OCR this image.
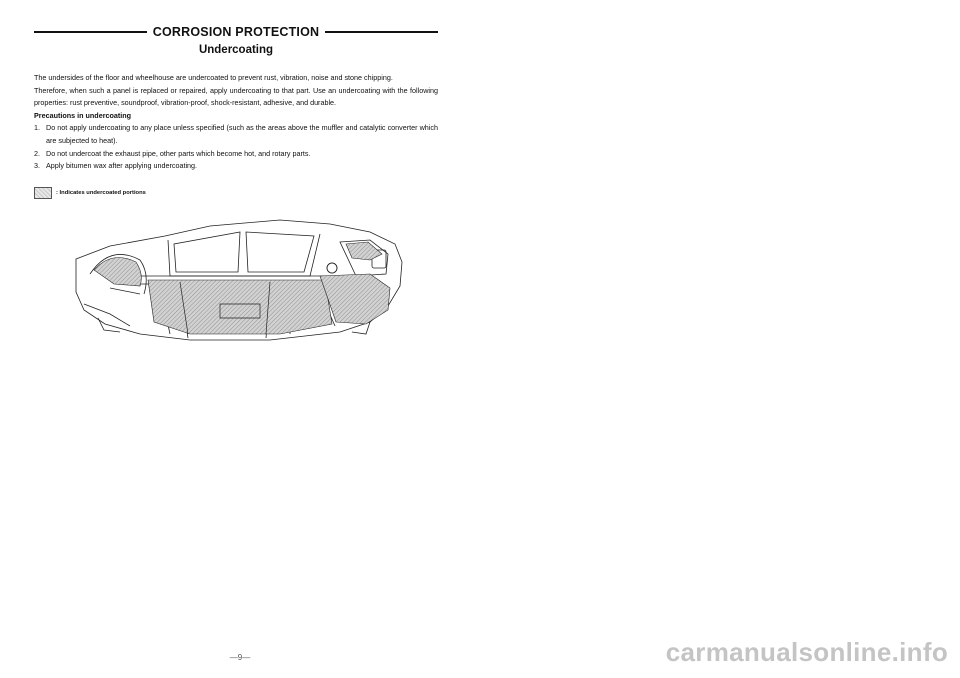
CORROSION PROTECTION
Undercoating

The undersides of the floor and wheelhouse are undercoated to prevent rust, vibration, noise and stone chipping.

Therefore, when such a panel is replaced or repaired, apply undercoating to that part. Use an undercoating with the following properties: rust preventive, soundproof, vibration-proof, shock-resistant, adhesive, and durable.

Precautions in undercoating

1. Do not apply undercoating to any place unless specified (such as the areas above the muffler and catalytic converter which are subjected to heat).
2. Do not undercoat the exhaust pipe, other parts which become hot, and rotary parts.
3. Apply bitumen wax after applying undercoating.
: Indicates undercoated portions
—9—	carmanualsonline.info
